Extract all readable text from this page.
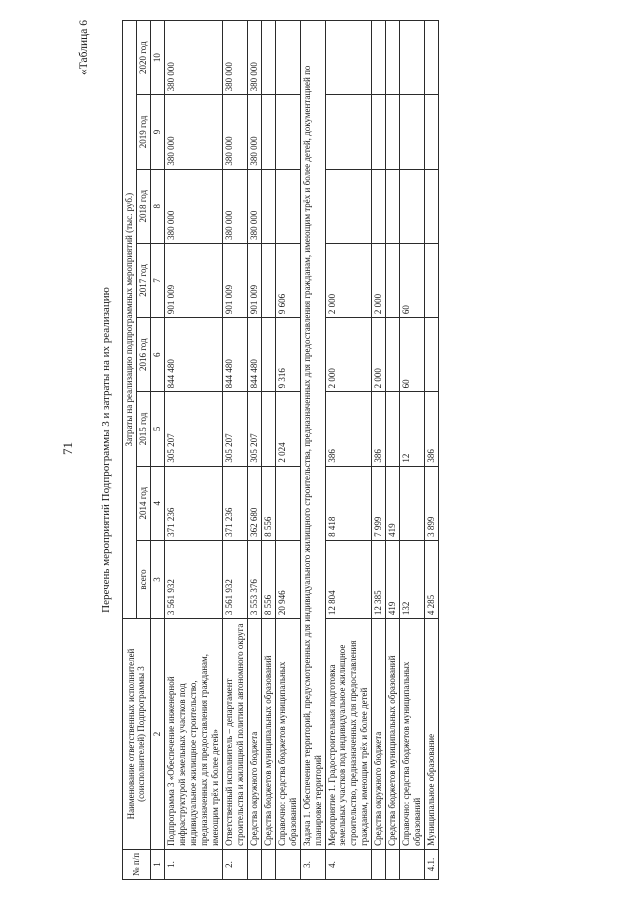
71
«Таблица 6
Перечень мероприятий Подпрограммы 3 и затраты на их реализацию
№ п/п	Наименование ответственных исполнителей (соисполнителей) Подпрограммы 3	Затраты на реализацию подпрограммных мероприятий (тыс. руб.)							
		всего	2014 год	2015 год	2016 год	2017 год	2018 год	2019 год	2020 год
1	2	3	4	5	6	7	8	9	10
1.	Подпрограмма 3 «Обеспечение инженерной инфраструктурой земельных участков под индивидуальное жилищное строительство, предназначенных для предоставления гражданам, имеющим трёх и более детей»	3 561 932	371 236	305 207	844 480	901 009	380 000	380 000	380 000
2.	Ответственный исполнитель – департамент строительства и жилищной политики автономного округа	3 561 932	371 236	305 207	844 480	901 009	380 000	380 000	380 000
	Средства окружного бюджета	3 553 376	362 680	305 207	844 480	901 009	380 000	380 000	380 000
	Средства бюджетов муниципальных образований	8 556	8 556						
	Справочно: средства бюджетов муниципальных образований	20 946		2 024	9 316	9 606			
3.	Задача 1. Обеспечение территорий, предусмотренных для индивидуального жилищного строительства, предназначенных для предоставления гражданам, имеющим трёх и более детей, документацией по планировке территорий								
4.	Мероприятие 1. Градостроительная подготовка земельных участков под индивидуальное жилищное строительство, предназначенных для предоставления гражданам, имеющим трёх и более детей	12 804	8 418	386	2 000	2 000			
	Средства окружного бюджета	12 385	7 999	386	2 000	2 000			
	Средства бюджетов муниципальных образований	419	419						
	Справочно: средства бюджетов муниципальных образований	132		12	60	60			
4.1.	Муниципальное образование	4 285	3 899	386					
